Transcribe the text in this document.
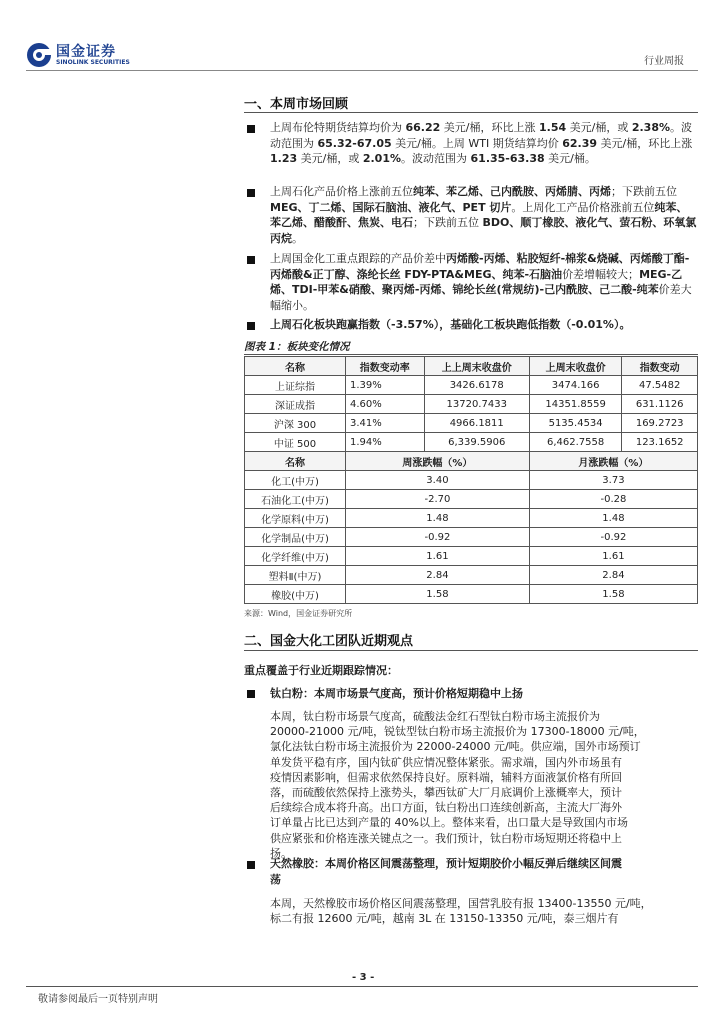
国金证券
SINOLINK SECURITIES	行业周报
一、本周市场回顾
上周布伦特期货结算均价为 66.22 美元/桶，环比上涨 1.54 美元/桶，或 2.38%。波动范围为 65.32-67.05 美元/桶。上周 WTI 期货结算均价 62.39 美元/桶，环比上涨 1.23 美元/桶，或 2.01%。波动范围为 61.35-63.38 美元/桶。
上周石化产品价格上涨前五位纯苯、苯乙烯、己内酰胺、丙烯腈、丙烯；下跌前五位 MEG、丁二烯、国际石脑油、液化气、PET 切片。上周化工产品价格涨前五位纯苯、苯乙烯、醋酸酐、焦炭、电石；下跌前五位 BDO、顺丁橡胶、液化气、萤石粉、环氧氯丙烷。
上周国金化工重点跟踪的产品价差中丙烯酸-丙烯、粘胶短纤-棉浆&烧碱、丙烯酸丁酯-丙烯酸&正丁醇、涤纶长丝 FDY-PTA&MEG、纯苯-石脑油价差增幅较大；MEG-乙烯、TDI-甲苯&硝酸、聚丙烯-丙烯、锦纶长丝(常规纺)-己内酰胺、己二酸-纯苯价差大幅缩小。
上周石化板块跑赢指数（-3.57%），基础化工板块跑低指数（-0.01%）。
图表 1：板块变化情况
名称	指数变动率	上上周末收盘价	上周末收盘价	指数变动
上证综指	1.39%	3426.6178	3474.166	47.5482
深证成指	4.60%	13720.7433	14351.8559	631.1126
沪深 300	3.41%	4966.1811	5135.4534	169.2723
中证 500	1.94%	6,339.5906	6,462.7558	123.1652
名称	周涨跌幅（%）		月涨跌幅（%）	
化工(中万)	3.40		3.73	
石油化工(中万)	-2.70		-0.28	
化学原料(中万)	1.48		1.48	
化学制品(中万)	-0.92		-0.92	
化学纤维(中万)	1.61		1.61	
塑料Ⅱ(中万)	2.84		2.84	
橡胶(中万)	1.58		1.58	
来源：Wind，国金证券研究所
二、国金大化工团队近期观点
重点覆盖于行业近期跟踪情况：
钛白粉：本周市场景气度高，预计价格短期稳中上扬
本周，钛白粉市场景气度高，硫酸法金红石型钛白粉市场主流报价为
20000-21000 元/吨，锐钛型钛白粉市场主流报价为 17300-18000 元/吨，
氯化法钛白粉市场主流报价为 22000-24000 元/吨。供应端，国外市场预订
单发货平稳有序，国内钛矿供应情况整体紧张。需求端，国内外市场虽有
疫情因素影响，但需求依然保持良好。原料端，辅料方面液氯价格有所回
落，而硫酸依然保持上涨势头，攀西钛矿大厂月底调价上涨概率大，预计
后续综合成本将升高。出口方面，钛白粉出口连续创新高，主流大厂海外
订单量占比已达到产量的 40%以上。整体来看，出口量大是导致国内市场
供应紧张和价格连涨关键点之一。我们预计，钛白粉市场短期还将稳中上
扬。
天然橡胶：本周价格区间震荡整理，预计短期胶价小幅反弹后继续区间震
荡
本周，天然橡胶市场价格区间震荡整理，国营乳胶有报 13400-13550 元/吨，
标二有报 12600 元/吨，越南 3L 在 13150-13350 元/吨，泰三烟片有
- 3 -
敬请参阅最后一页特别声明
